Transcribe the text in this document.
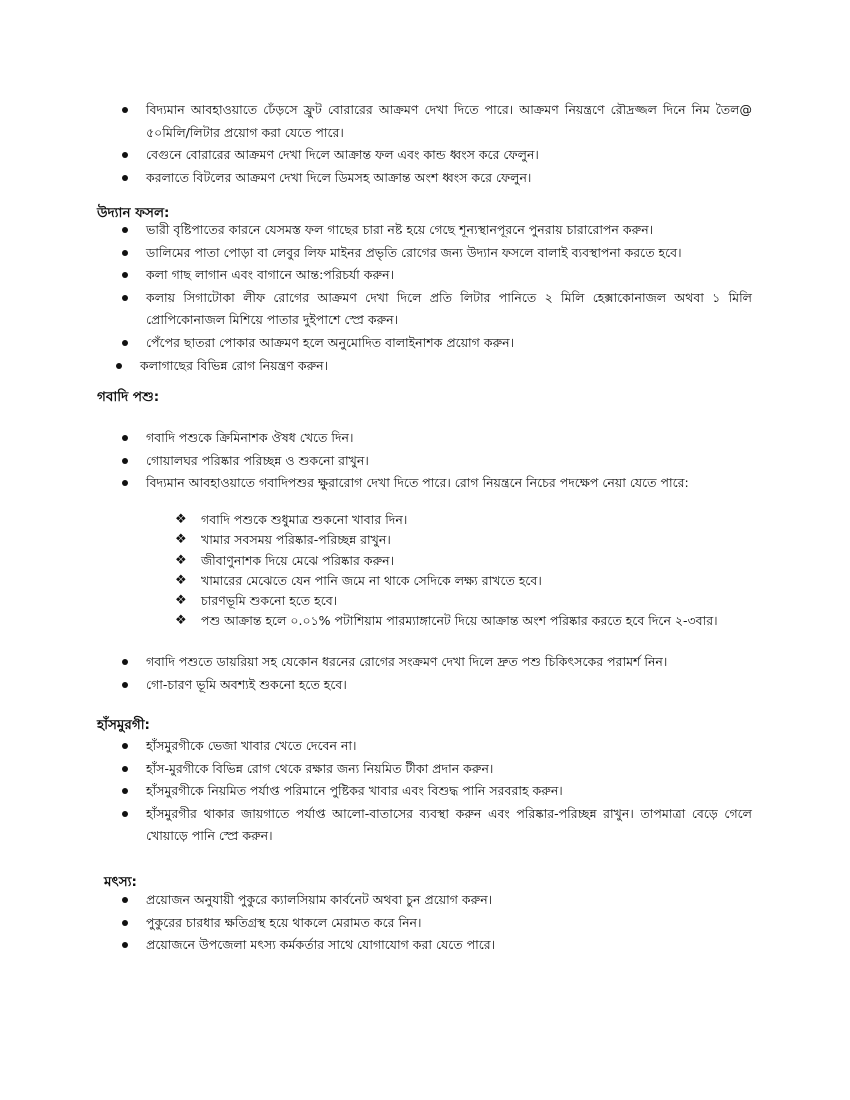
বিদ্যমান আবহাওয়াতে ঢেঁড়সে ফ্রুট বোরারের আক্রমণ দেখা দিতে পারে। আক্রমণ নিয়ন্ত্রণে রৌদ্রজ্জল দিনে নিম তৈল@ ৫০মিলি/লিটার প্রয়োগ করা যেতে পারে।
বেগুনে বোরারের আক্রমণ দেখা দিলে আক্রান্ত ফল এবং কান্ড ধ্বংস করে ফেলুন।
করলাতে বিটলের আক্রমণ দেখা দিলে ডিমসহ আক্রান্ত অংশ ধ্বংস করে ফেলুন।
উদ্যান ফসল:
ভারী বৃষ্টিপাতের কারনে যেসমস্ত ফল গাছের চারা নষ্ট হয়ে গেছে শূন্যস্থানপূরনে পুনরায় চারারোপন করুন।
ডালিমের পাতা পোড়া বা লেবুর লিফ মাইনর প্রভৃতি রোগের জন্য উদ্যান ফসলে বালাই ব্যবস্থাপনা করতে হবে।
কলা গাছ লাগান এবং বাগানে আন্ত:পরিচর্যা করুন।
কলায় সিগাটোকা লীফ রোগের আক্রমণ দেখা দিলে প্রতি লিটার পানিতে ২ মিলি হেক্সাকোনাজল অথবা ১ মিলি প্রোপিকোনাজল মিশিয়ে পাতার দুইপাশে স্প্রে করুন।
পেঁপের ছাতরা পোকার আক্রমণ হলে অনুমোদিত বালাইনাশক প্রয়োগ করুন।
কলাগাছের বিভিন্ন রোগ নিয়ন্ত্রণ করুন।
গবাদি পশু:
গবাদি পশুকে ক্রিমিনাশক ঔষধ খেতে দিন।
গোয়ালঘর পরিষ্কার পরিচ্ছন্ন ও শুকনো রাখুন।
বিদ্যমান আবহাওয়াতে গবাদিপশুর ক্ষুরারোগ দেখা দিতে পারে। রোগ নিয়ন্ত্রনে নিচের পদক্ষেপ নেয়া যেতে পারে:
❖ গবাদি পশুকে শুধুমাত্র শুকনো খাবার দিন।
❖ খামার সবসময় পরিষ্কার-পরিচ্ছন্ন রাখুন।
❖ জীবাণুনাশক দিয়ে মেঝে পরিষ্কার করুন।
❖ খামারের মেঝেতে যেন পানি জমে না থাকে সেদিকে লক্ষ্য রাখতে হবে।
❖ চারণভূমি শুকনো হতে হবে।
❖ পশু আক্রান্ত হলে ০.০১% পটাশিয়াম পারম্যাঙ্গানেট দিয়ে আক্রান্ত অংশ পরিষ্কার করতে হবে দিনে ২-৩বার।
গবাদি পশুতে ডায়রিয়া সহ যেকোন ধরনের রোগের সংক্রমণ দেখা দিলে দ্রুত পশু চিকিৎসকের পরামর্শ নিন।
গো-চারণ ভূমি অবশ্যই শুকনো হতে হবে।
হাঁসমুরগী:
হাঁসমুরগীকে ভেজা খাবার খেতে দেবেন না।
হাঁস-মুরগীকে বিভিন্ন রোগ থেকে রক্ষার জন্য নিয়মিত টীকা প্রদান করুন।
হাঁসমুরগীকে নিয়মিত পর্যাপ্ত পরিমানে পুষ্টিকর খাবার এবং বিশুদ্ধ পানি সরবরাহ করুন।
হাঁসমুরগীর থাকার জায়গাতে পর্যাপ্ত আলো-বাতাসের ব্যবস্থা করুন এবং পরিষ্কার-পরিচ্ছন্ন রাখুন। তাপমাত্রা বেড়ে গেলে খোয়াড়ে পানি স্প্রে করুন।
মৎস্য:
প্রয়োজন অনুযায়ী পুকুরে ক্যালসিয়াম কার্বনেট অথবা চুন প্রয়োগ করুন।
পুকুরের চারধার ক্ষতিগ্রস্থ হয়ে থাকলে মেরামত করে নিন।
প্রয়োজনে উপজেলা মৎস্য কর্মকর্তার সাথে যোগাযোগ করা যেতে পারে।
